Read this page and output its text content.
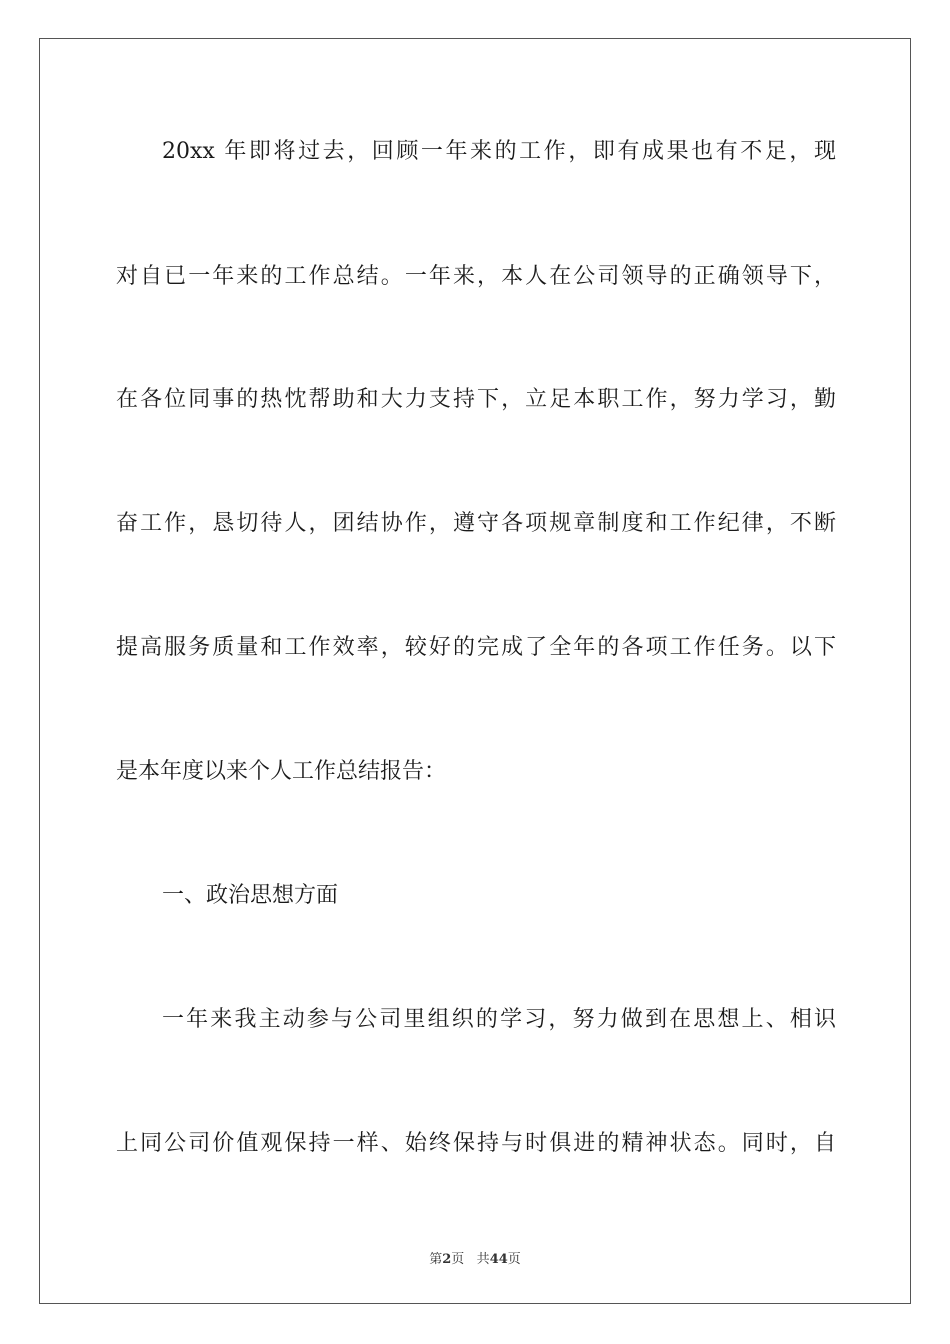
20xx 年即将过去，回顾一年来的工作，即有成果也有不足，现
对自已一年来的工作总结。一年来，本人在公司领导的正确领导下，
在各位同事的热忱帮助和大力支持下，立足本职工作，努力学习，勤
奋工作，恳切待人，团结协作，遵守各项规章制度和工作纪律，不断
提高服务质量和工作效率，较好的完成了全年的各项工作任务。以下
是本年度以来个人工作总结报告：
一、政治思想方面
一年来我主动参与公司里组织的学习，努力做到在思想上、相识
上同公司价值观保持一样、始终保持与时俱进的精神状态。同时，自
第2页 共44页
